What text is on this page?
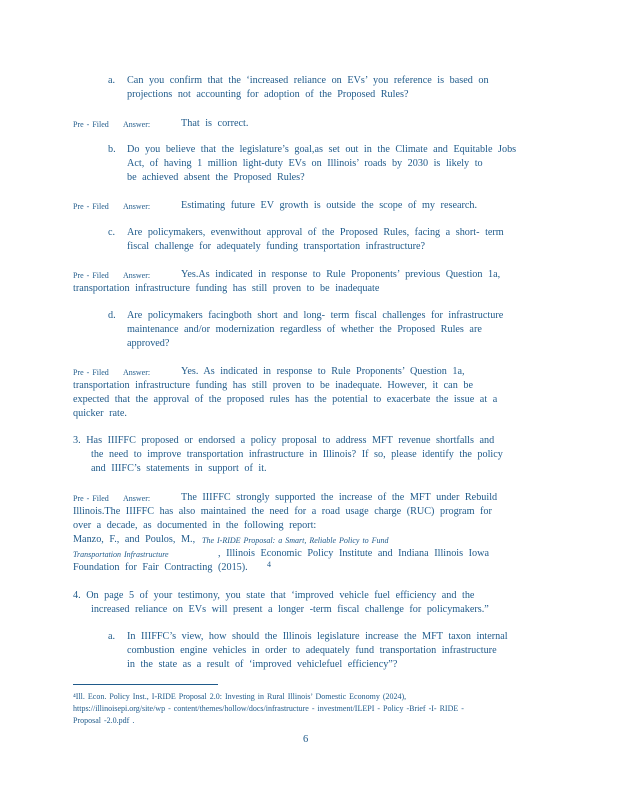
a. Can you confirm that the ‘increased reliance on EVs’ you reference is based on
projections not accounting for adoption of the Proposed Rules?
Pre - Filed Answer:	That is correct.
b. Do you believe that the legislature’s goal,as set out in the Climate and Equitable Jobs
Act, of having 1 million light-duty EVs on Illinois’ roads by 2030 is likely to
be achieved absent the Proposed Rules?
Pre - Filed Answer:	Estimating future EV growth is outside the scope of my research.
c. Are policymakers, evenwithout approval of the Proposed Rules, facing a short- term
fiscal challenge for adequately funding transportation infrastructure?
Pre - Filed Answer:	Yes.As indicated in response to Rule Proponents’ previous Question 1a,
transportation infrastructure funding has still proven to be inadequate
d. Are policymakers facingboth short and long- term fiscal challenges for infrastructure
maintenance and/or modernization regardless of whether the Proposed Rules are
approved?
Pre - Filed Answer:	Yes. As indicated in response to Rule Proponents’ Question 1a,
transportation infrastructure funding has still proven to be inadequate. However, it can be
expected that the approval of the proposed rules has the potential to exacerbate the issue at a
quicker rate.
3. Has IIIFFC proposed or endorsed a policy proposal to address MFT revenue shortfalls and
the need to improve transportation infrastructure in Illinois? If so, please identify the policy
and IIIFC’s statements in support of it.
Pre - Filed Answer:	The IIIFFC strongly supported the increase of the MFT under Rebuild
Illinois.The IIIFFC has also maintained the need for a road usage charge (RUC) program for
over a decade, as documented in the following report:
Manzo, F., and Poulos, M., The I-RIDE Proposal: a Smart, Reliable Policy to Fund
Transportation Infrastructure	, Illinois Economic Policy Institute and Indiana Illinois Iowa
Foundation for Fair Contracting (2015). 4
4. On page 5 of your testimony, you state that ‘improved vehicle fuel efficiency and the
increased reliance on EVs will present a longer -term fiscal challenge for policymakers.”
a. In IIIFFC’s view, how should the Illinois legislature increase the MFT taxon internal
combustion engine vehicles in order to adequately fund transportation infrastructure
in the state as a result of ‘improved vehiclefuel efficiency”?
⁴Ill. Econ. Policy Inst., I-RIDE Proposal 2.0: Investing in Rural Illinois’ Domestic Economy (2024),
https://illinoisepi.org/site/wp - content/themes/hollow/docs/infrastructure - investment/ILEPI - Policy -Brief -I- RIDE -
Proposal -2.0.pdf .
6
